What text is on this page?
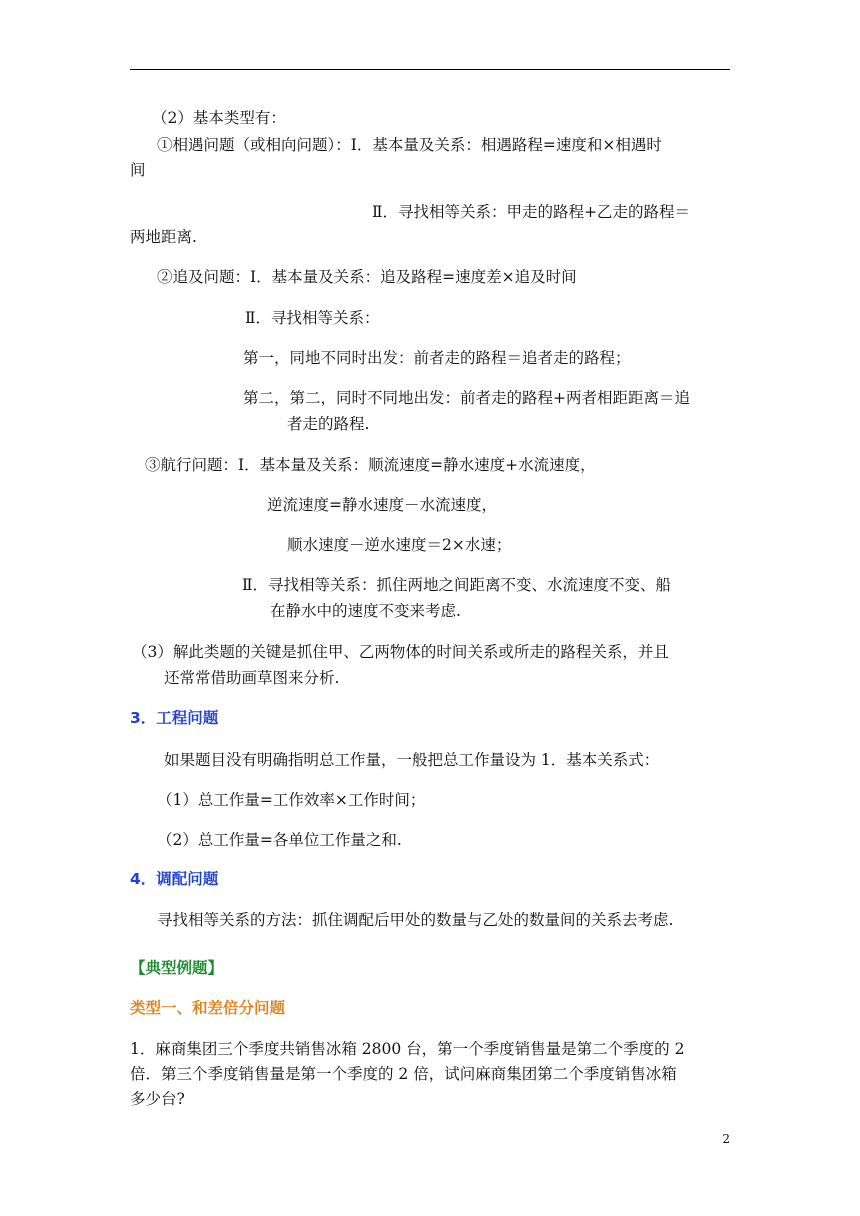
（2）基本类型有：
①相遇问题（或相向问题）：Ⅰ．基本量及关系：相遇路程=速度和×相遇时
间
Ⅱ．寻找相等关系：甲走的路程+乙走的路程＝
两地距离.
②追及问题：Ⅰ．基本量及关系：追及路程=速度差×追及时间
Ⅱ．寻找相等关系：
第一，同地不同时出发：前者走的路程＝追者走的路程；
第二，第二，同时不同地出发：前者走的路程+两者相距距离＝追
者走的路程.
③航行问题：Ⅰ．基本量及关系：顺流速度=静水速度+水流速度，
逆流速度=静水速度－水流速度，
顺水速度－逆水速度＝2×水速；
Ⅱ．寻找相等关系：抓住两地之间距离不变、水流速度不变、船
在静水中的速度不变来考虑.
（3）解此类题的关键是抓住甲、乙两物体的时间关系或所走的路程关系，并且
还常常借助画草图来分析.
3．工程问题
如果题目没有明确指明总工作量，一般把总工作量设为 1．基本关系式：
（1）总工作量=工作效率×工作时间；
（2）总工作量=各单位工作量之和.
4．调配问题
寻找相等关系的方法：抓住调配后甲处的数量与乙处的数量间的关系去考虑.
【典型例题】
类型一、和差倍分问题
1．麻商集团三个季度共销售冰箱 2800 台，第一个季度销售量是第二个季度的 2
倍．第三个季度销售量是第一个季度的 2 倍，试问麻商集团第二个季度销售冰箱
多少台?
2
